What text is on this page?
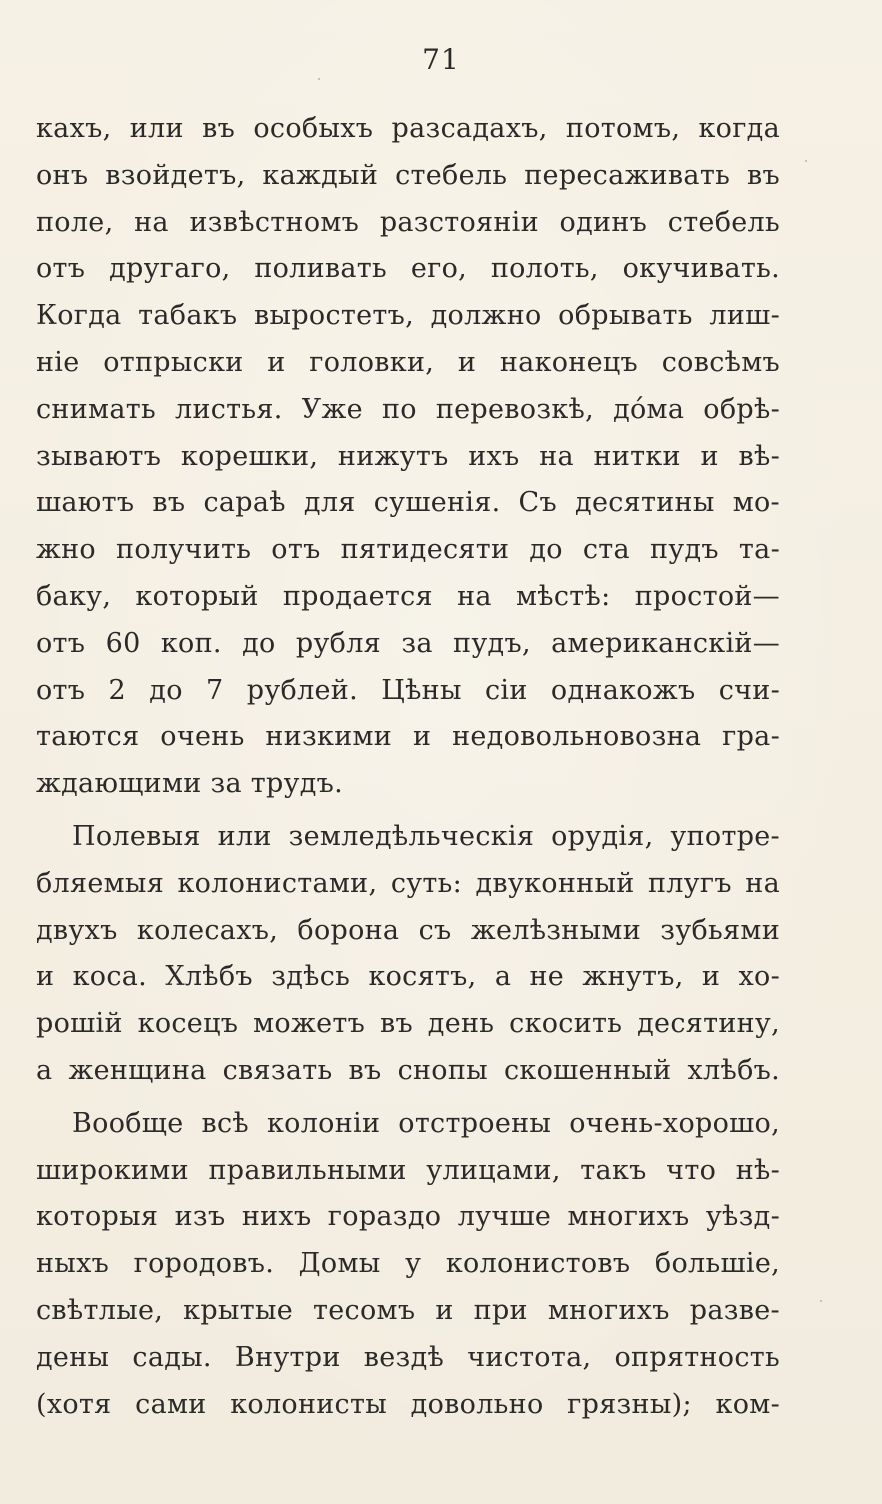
71
кахъ, или въ особыхъ разсадахъ, потомъ, когда
онъ взойдетъ, каждый стебель пересаживать въ
поле, на извѣстномъ разстояніи одинъ стебель
отъ другаго, поливать его, полоть, окучивать.
Когда табакъ выростетъ, должно обрывать лиш-
ніе отпрыски и головки, и наконецъ совсѣмъ
снимать листья. Уже по перевозкѣ, дóма обрѣ-
зываютъ корешки, нижутъ ихъ на нитки и вѣ-
шаютъ въ сараѣ для сушенія. Съ десятины мо-
жно получить отъ пятидесяти до ста пудъ та-
баку, который продается на мѣстѣ: простой—
отъ 60 коп. до рубля за пудъ, американскій—
отъ 2 до 7 рублей. Цѣны сіи однакожъ счи-
таются очень низкими и недовольновозна гра-
ждающими за трудъ.
Полевыя или земледѣльческія орудія, употре-
бляемыя колонистами, суть: двуконный плугъ на
двухъ колесахъ, борона съ желѣзными зубьями
и коса. Хлѣбъ здѣсь косятъ, а не жнутъ, и хо-
рошій косецъ можетъ въ день скосить десятину,
а женщина связать въ снопы скошенный хлѣбъ.
Вообще всѣ колоніи отстроены очень-хорошо,
широкими правильными улицами, такъ что нѣ-
которыя изъ нихъ гораздо лучше многихъ уѣзд-
ныхъ городовъ. Домы у колонистовъ большіе,
свѣтлые, крытые тесомъ и при многихъ разве-
дены сады. Внутри вездѣ чистота, опрятность
(хотя сами колонисты довольно грязны); ком-
